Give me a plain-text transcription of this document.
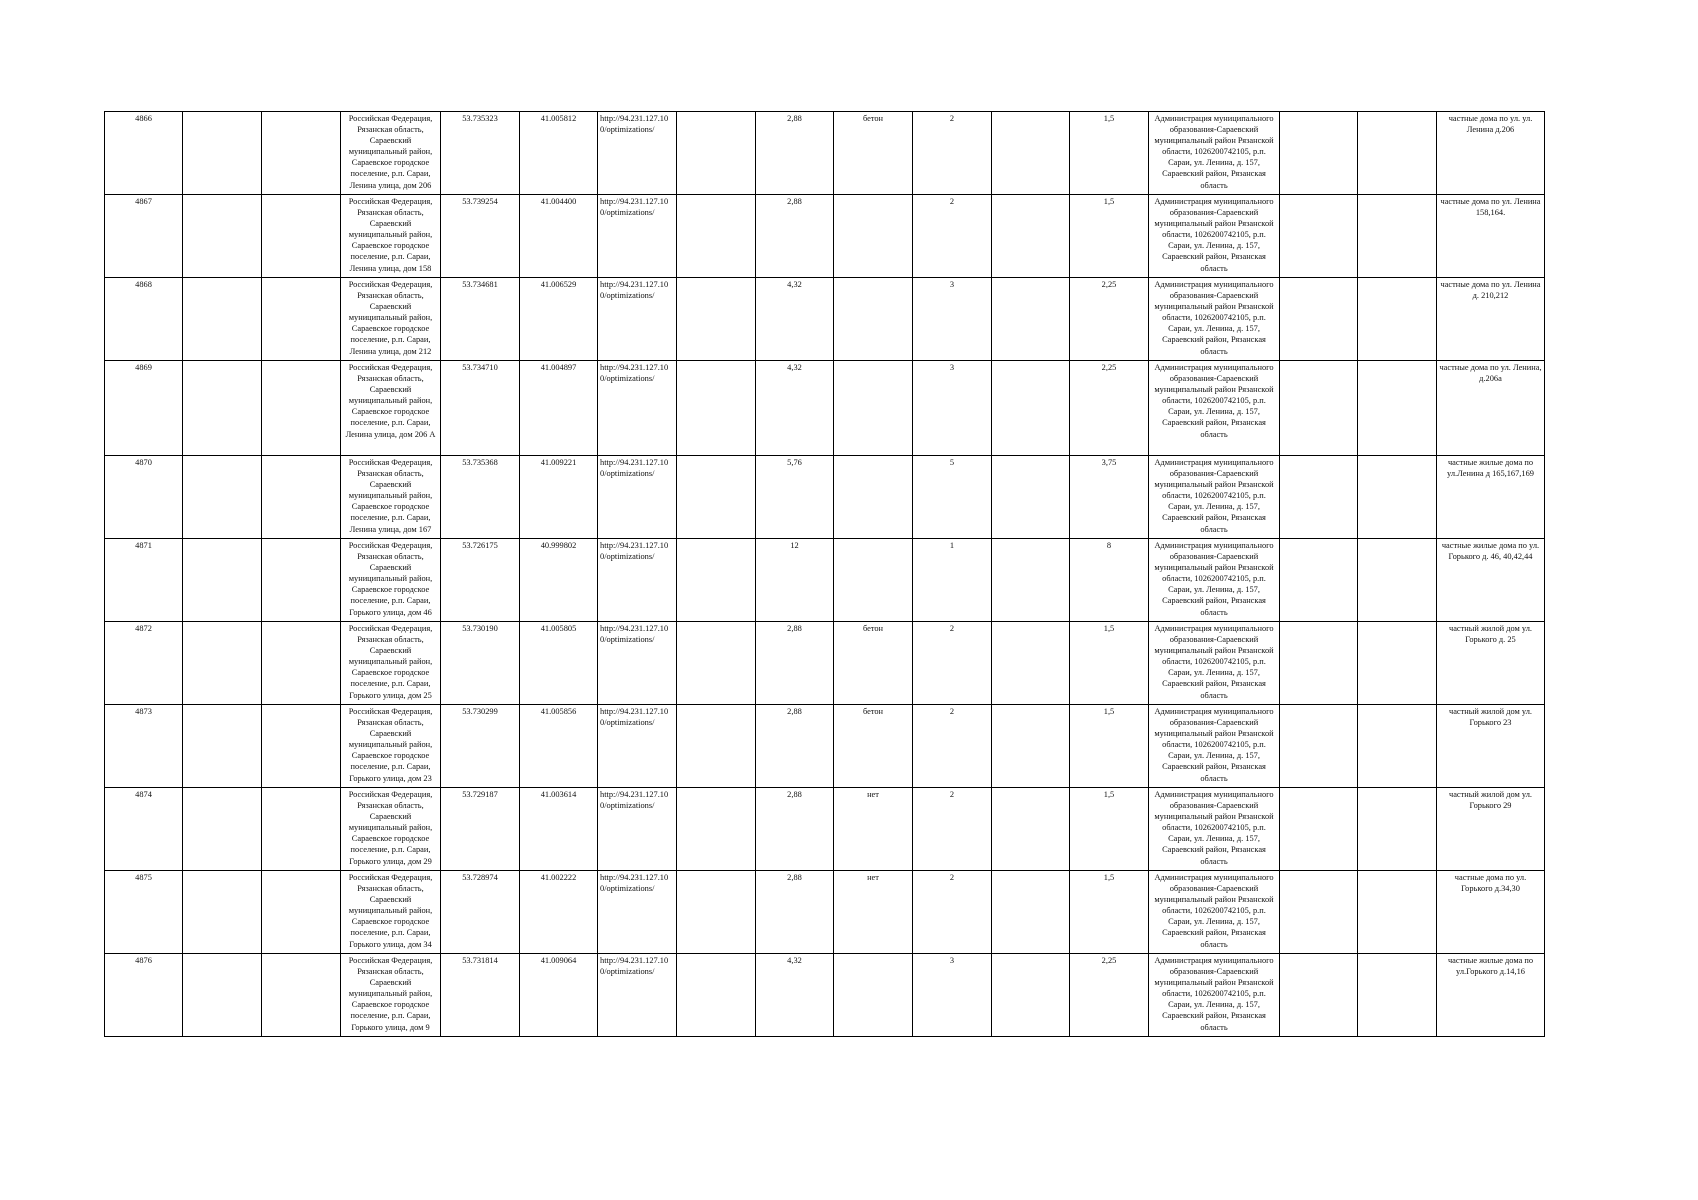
4866			Российская Федерация, Рязанская область, Сараевский муниципальный район, Сараевское городское поселение, р.п. Сараи, Ленина улица, дом 206	53.735323	41.005812	http://94.231.127.10 0/optimizations/		2,88	бетон	2		1,5	Администрация муниципального образования-Сараевский муниципальный район Рязанской области, 1026200742105, р.п. Сараи, ул. Ленина, д. 157, Сараевский район, Рязанская область			частные дома по ул. ул. Ленина д.206
4867			Российская Федерация, Рязанская область, Сараевский муниципальный район, Сараевское городское поселение, р.п. Сараи, Ленина улица, дом 158	53.739254	41.004400	http://94.231.127.10 0/optimizations/		2,88		2		1,5	Администрация муниципального образования-Сараевский муниципальный район Рязанской области, 1026200742105, р.п. Сараи, ул. Ленина, д. 157, Сараевский район, Рязанская область			частные дома по ул. Ленина 158,164.
4868			Российская Федерация, Рязанская область, Сараевский муниципальный район, Сараевское городское поселение, р.п. Сараи, Ленина улица, дом 212	53.734681	41.006529	http://94.231.127.10 0/optimizations/		4,32		3		2,25	Администрация муниципального образования-Сараевский муниципальный район Рязанской области, 1026200742105, р.п. Сараи, ул. Ленина, д. 157, Сараевский район, Рязанская область			частные дома по ул. Ленина д. 210,212
4869			Российская Федерация, Рязанская область, Сараевский муниципальный район, Сараевское городское поселение, р.п. Сараи, Ленина улица, дом 206 А	53.734710	41.004897	http://94.231.127.10 0/optimizations/		4,32		3		2,25	Администрация муниципального образования-Сараевский муниципальный район Рязанской области, 1026200742105, р.п. Сараи, ул. Ленина, д. 157, Сараевский район, Рязанская область			частные дома по ул. Ленина, д.206а
4870			Российская Федерация, Рязанская область, Сараевский муниципальный район, Сараевское городское поселение, р.п. Сараи, Ленина улица, дом 167	53.735368	41.009221	http://94.231.127.10 0/optimizations/		5,76		5		3,75	Администрация муниципального образования-Сараевский муниципальный район Рязанской области, 1026200742105, р.п. Сараи, ул. Ленина, д. 157, Сараевский район, Рязанская область			частные жилые дома по ул.Ленина д 165,167,169
4871			Российская Федерация, Рязанская область, Сараевский муниципальный район, Сараевское городское поселение, р.п. Сараи, Горького улица, дом 46	53.726175	40.999802	http://94.231.127.10 0/optimizations/		12		1		8	Администрация муниципального образования-Сараевский муниципальный район Рязанской области, 1026200742105, р.п. Сараи, ул. Ленина, д. 157, Сараевский район, Рязанская область			частные жилые дома по ул. Горького д. 46, 40,42,44
4872			Российская Федерация, Рязанская область, Сараевский муниципальный район, Сараевское городское поселение, р.п. Сараи, Горького улица, дом 25	53.730190	41.005805	http://94.231.127.10 0/optimizations/		2,88	бетон	2		1,5	Администрация муниципального образования-Сараевский муниципальный район Рязанской области, 1026200742105, р.п. Сараи, ул. Ленина, д. 157, Сараевский район, Рязанская область			частный жилой дом ул. Горького д. 25
4873			Российская Федерация, Рязанская область, Сараевский муниципальный район, Сараевское городское поселение, р.п. Сараи, Горького улица, дом 23	53.730299	41.005856	http://94.231.127.10 0/optimizations/		2,88	бетон	2		1,5	Администрация муниципального образования-Сараевский муниципальный район Рязанской области, 1026200742105, р.п. Сараи, ул. Ленина, д. 157, Сараевский район, Рязанская область			частный жилой дом ул. Горького 23
4874			Российская Федерация, Рязанская область, Сараевский муниципальный район, Сараевское городское поселение, р.п. Сараи, Горького улица, дом 29	53.729187	41.003614	http://94.231.127.10 0/optimizations/		2,88	нет	2		1,5	Администрация муниципального образования-Сараевский муниципальный район Рязанской области, 1026200742105, р.п. Сараи, ул. Ленина, д. 157, Сараевский район, Рязанская область			частный жилой дом ул. Горького 29
4875			Российская Федерация, Рязанская область, Сараевский муниципальный район, Сараевское городское поселение, р.п. Сараи, Горького улица, дом 34	53.728974	41.002222	http://94.231.127.10 0/optimizations/		2,88	нет	2		1,5	Администрация муниципального образования-Сараевский муниципальный район Рязанской области, 1026200742105, р.п. Сараи, ул. Ленина, д. 157, Сараевский район, Рязанская область			частные дома по ул. Горького д.34,30
4876			Российская Федерация, Рязанская область, Сараевский муниципальный район, Сараевское городское поселение, р.п. Сараи, Горького улица, дом 9	53.731814	41.009064	http://94.231.127.10 0/optimizations/		4,32		3		2,25	Администрация муниципального образования-Сараевский муниципальный район Рязанской области, 1026200742105, р.п. Сараи, ул. Ленина, д. 157, Сараевский район, Рязанская область			частные жилые дома по ул.Горького д.14,16
